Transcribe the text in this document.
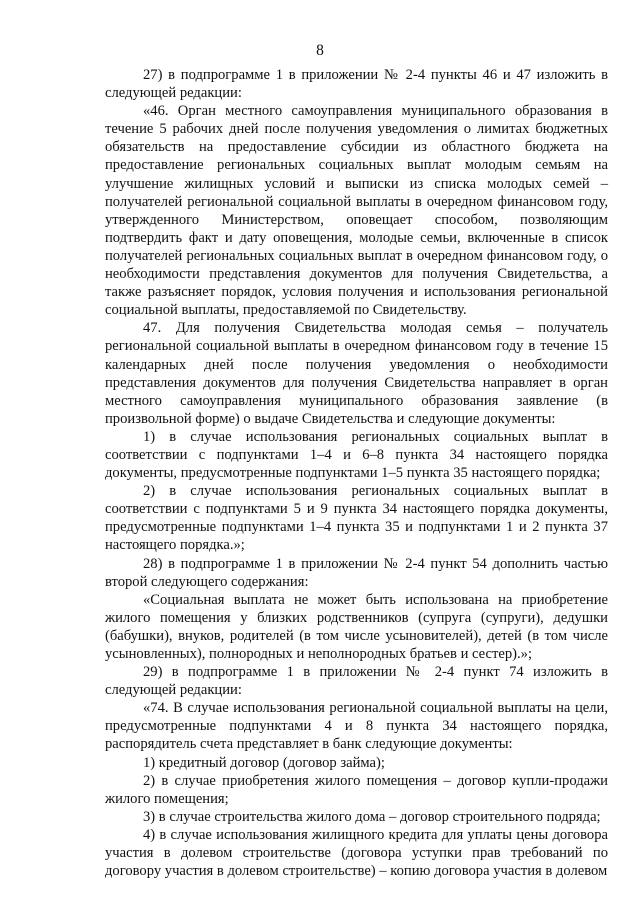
8

27) в подпрограмме 1 в приложении № 2-4 пункты 46 и 47 изложить в следующей редакции:

«46. Орган местного самоуправления муниципального образования в течение 5 рабочих дней после получения уведомления о лимитах бюджетных обязательств на предоставление субсидии из областного бюджета на предоставление региональных социальных выплат молодым семьям на улучшение жилищных условий и выписки из списка молодых семей – получателей региональной социальной выплаты в очередном финансовом году, утвержденного Министерством, оповещает способом, позволяющим подтвердить факт и дату оповещения, молодые семьи, включенные в список получателей региональных социальных выплат в очередном финансовом году, о необходимости представления документов для получения Свидетельства, а также разъясняет порядок, условия получения и использования региональной социальной выплаты, предоставляемой по Свидетельству.

47. Для получения Свидетельства молодая семья – получатель региональной социальной выплаты в очередном финансовом году в течение 15 календарных дней после получения уведомления о необходимости представления документов для получения Свидетельства направляет в орган местного самоуправления муниципального образования заявление (в произвольной форме) о выдаче Свидетельства и следующие документы:

1) в случае использования региональных социальных выплат в соответствии с подпунктами 1–4 и 6–8 пункта 34 настоящего порядка документы, предусмотренные подпунктами 1–5 пункта 35 настоящего порядка;

2) в случае использования региональных социальных выплат в соответствии с подпунктами 5 и 9 пункта 34 настоящего порядка документы, предусмотренные подпунктами 1–4 пункта 35 и подпунктами 1 и 2 пункта 37 настоящего порядка.»;

28) в подпрограмме 1 в приложении № 2-4 пункт 54 дополнить частью второй следующего содержания:

«Социальная выплата не может быть использована на приобретение жилого помещения у близких родственников (супруга (супруги), дедушки (бабушки), внуков, родителей (в том числе усыновителей), детей (в том числе усыновленных), полнородных и неполнородных братьев и сестер).»;

29) в подпрограмме 1 в приложении № 2-4 пункт 74 изложить в следующей редакции:

«74. В случае использования региональной социальной выплаты на цели, предусмотренные подпунктами 4 и 8 пункта 34 настоящего порядка, распорядитель счета представляет в банк следующие документы:

1) кредитный договор (договор займа);

2) в случае приобретения жилого помещения – договор купли-продажи жилого помещения;

3) в случае строительства жилого дома – договор строительного подряда;

4) в случае использования жилищного кредита для уплаты цены договора участия в долевом строительстве (договора уступки прав требований по договору участия в долевом строительстве) – копию договора участия в долевом
